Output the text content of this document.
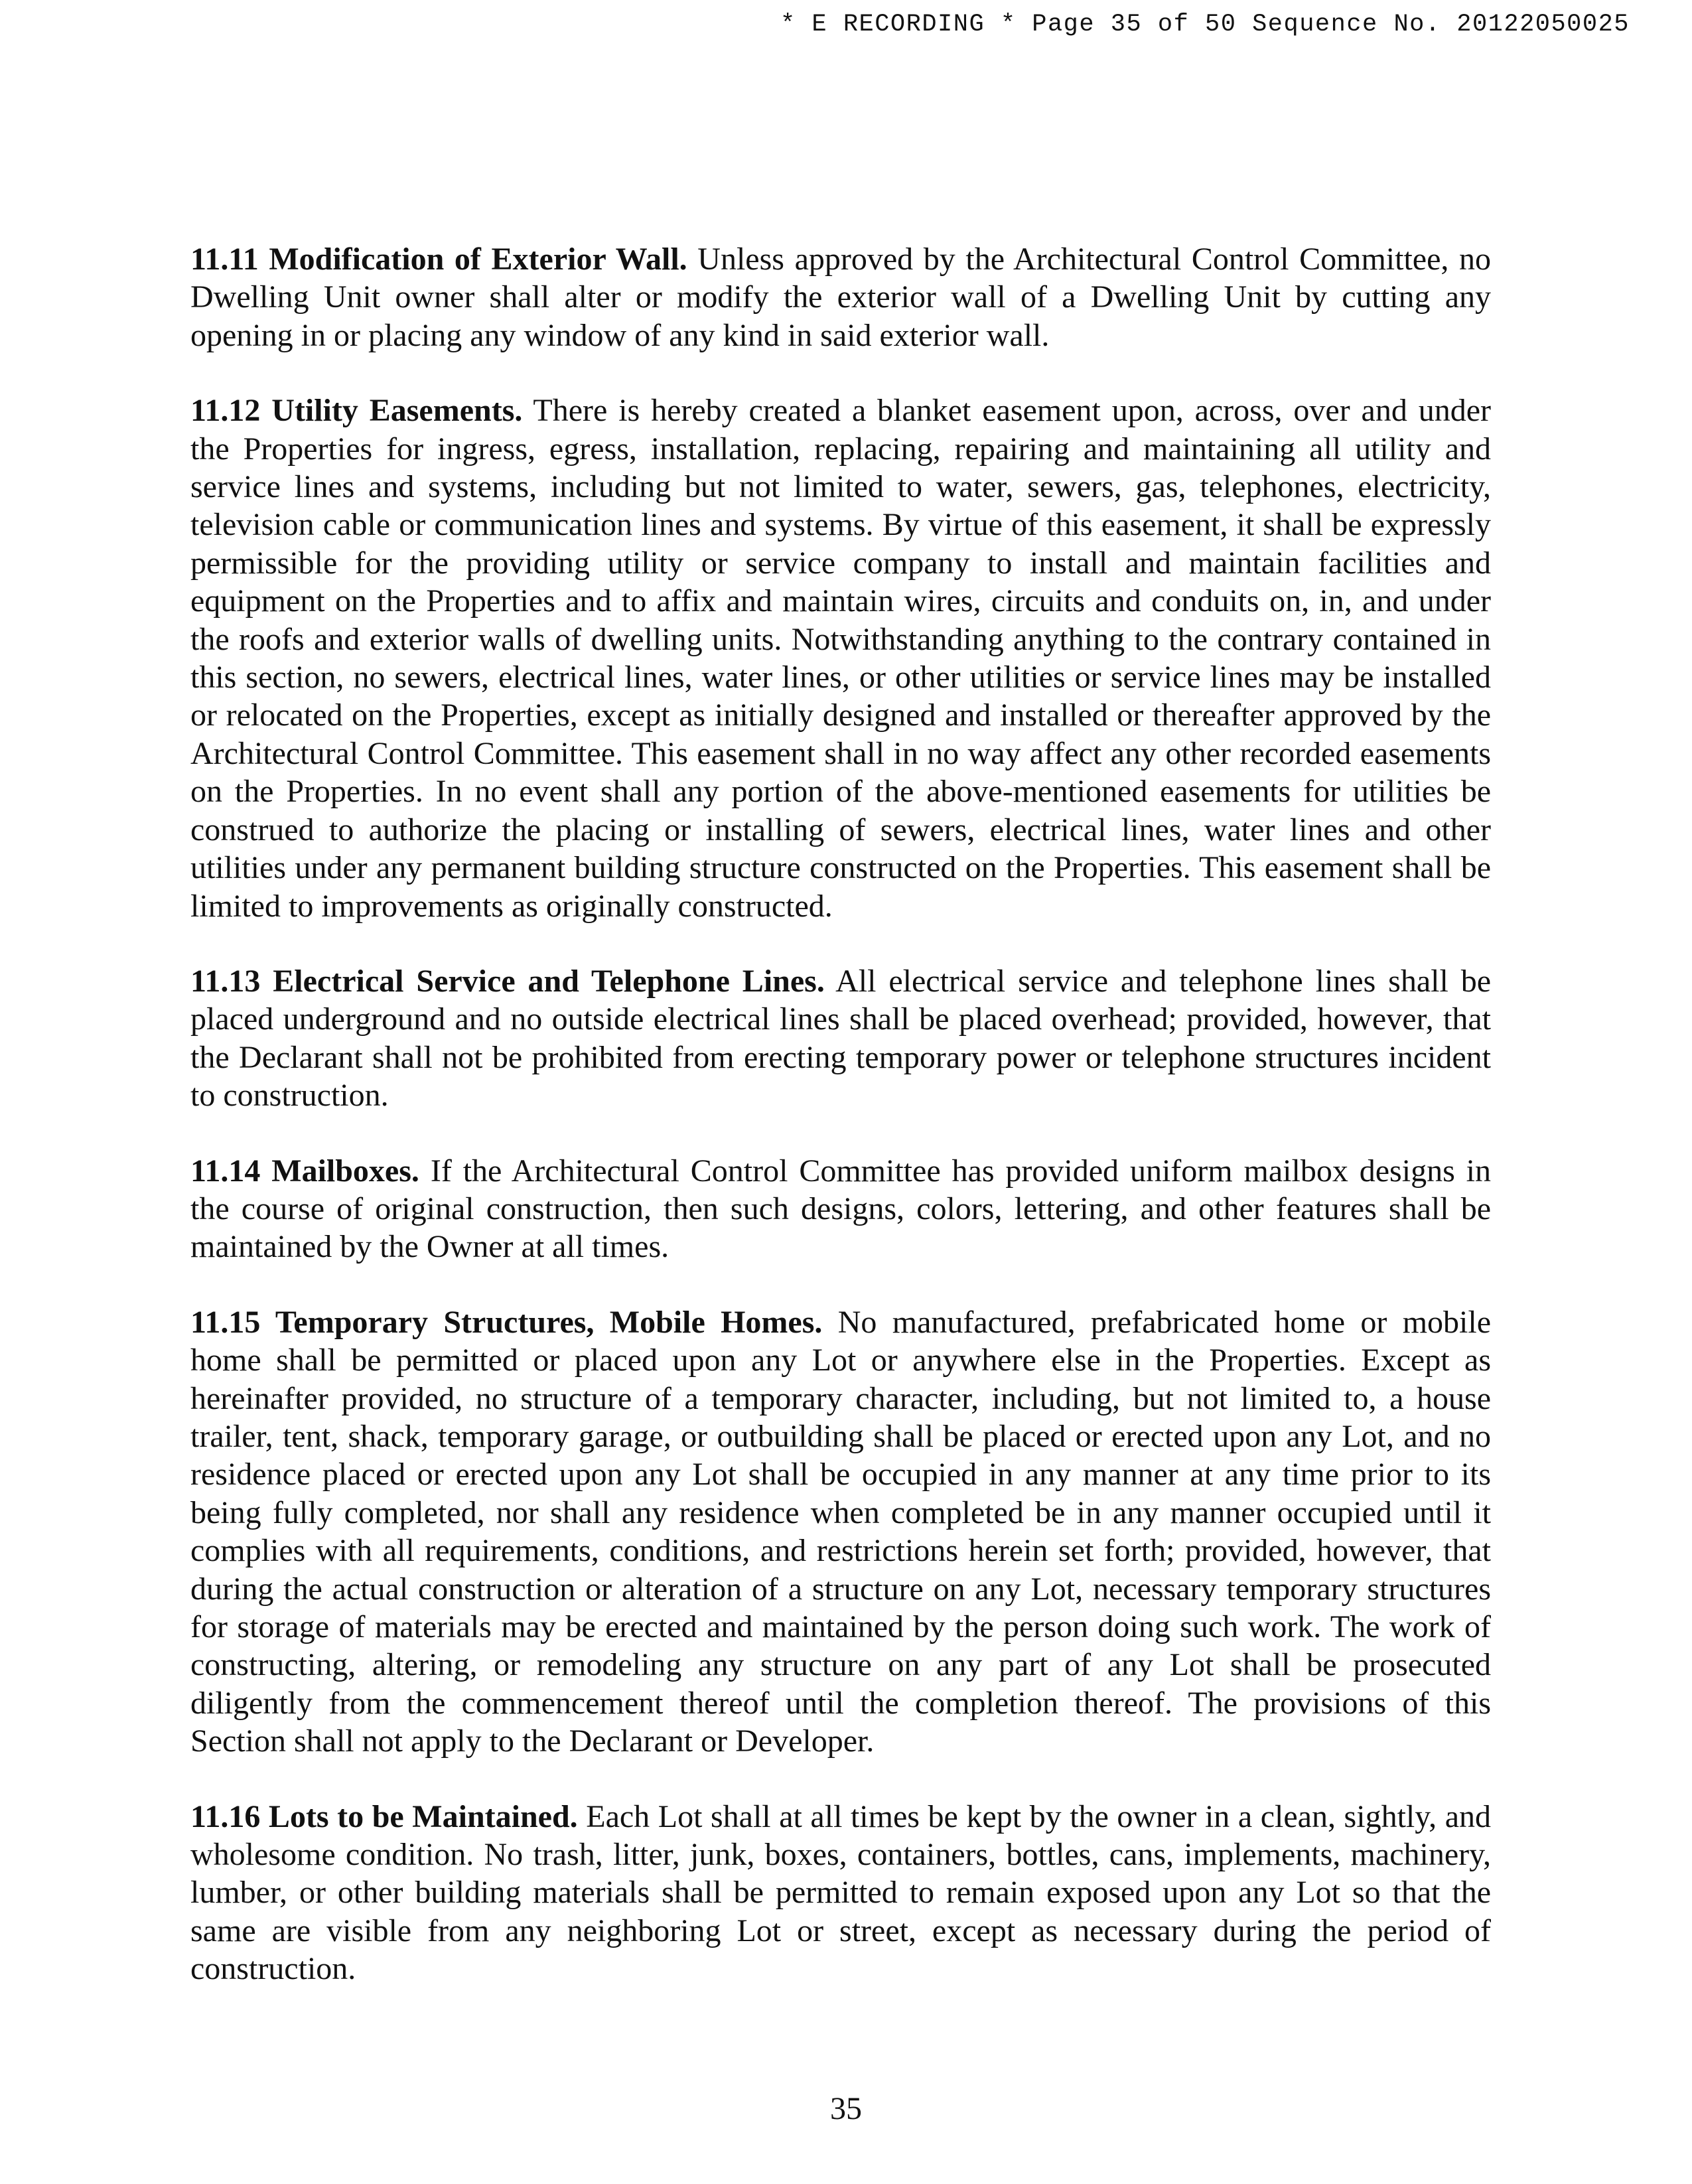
* E RECORDING * Page 35 of 50 Sequence No. 20122050025

11.11 Modification of Exterior Wall. Unless approved by the Architectural Control Committee, no Dwelling Unit owner shall alter or modify the exterior wall of a Dwelling Unit by cutting any opening in or placing any window of any kind in said exterior wall.

11.12 Utility Easements. There is hereby created a blanket easement upon, across, over and under the Properties for ingress, egress, installation, replacing, repairing and maintaining all utility and service lines and systems, including but not limited to water, sewers, gas, telephones, electricity, television cable or communication lines and systems. By virtue of this easement, it shall be expressly permissible for the providing utility or service company to install and maintain facilities and equipment on the Properties and to affix and maintain wires, circuits and conduits on, in, and under the roofs and exterior walls of dwelling units. Notwithstanding anything to the contrary contained in this section, no sewers, electrical lines, water lines, or other utilities or service lines may be installed or relocated on the Properties, except as initially designed and installed or thereafter approved by the Architectural Control Committee. This easement shall in no way affect any other recorded easements on the Properties. In no event shall any portion of the above-mentioned easements for utilities be construed to authorize the placing or installing of sewers, electrical lines, water lines and other utilities under any permanent building structure constructed on the Properties. This easement shall be limited to improvements as originally constructed.

11.13 Electrical Service and Telephone Lines. All electrical service and telephone lines shall be placed underground and no outside electrical lines shall be placed overhead; provided, however, that the Declarant shall not be prohibited from erecting temporary power or telephone structures incident to construction.

11.14 Mailboxes. If the Architectural Control Committee has provided uniform mailbox designs in the course of original construction, then such designs, colors, lettering, and other features shall be maintained by the Owner at all times.

11.15 Temporary Structures, Mobile Homes. No manufactured, prefabricated home or mobile home shall be permitted or placed upon any Lot or anywhere else in the Properties. Except as hereinafter provided, no structure of a temporary character, including, but not limited to, a house trailer, tent, shack, temporary garage, or outbuilding shall be placed or erected upon any Lot, and no residence placed or erected upon any Lot shall be occupied in any manner at any time prior to its being fully completed, nor shall any residence when completed be in any manner occupied until it complies with all requirements, conditions, and restrictions herein set forth; provided, however, that during the actual construction or alteration of a structure on any Lot, necessary temporary structures for storage of materials may be erected and maintained by the person doing such work. The work of constructing, altering, or remodeling any structure on any part of any Lot shall be prosecuted diligently from the commencement thereof until the completion thereof. The provisions of this Section shall not apply to the Declarant or Developer.

11.16 Lots to be Maintained. Each Lot shall at all times be kept by the owner in a clean, sightly, and wholesome condition. No trash, litter, junk, boxes, containers, bottles, cans, implements, machinery, lumber, or other building materials shall be permitted to remain exposed upon any Lot so that the same are visible from any neighboring Lot or street, except as necessary during the period of construction.

35
